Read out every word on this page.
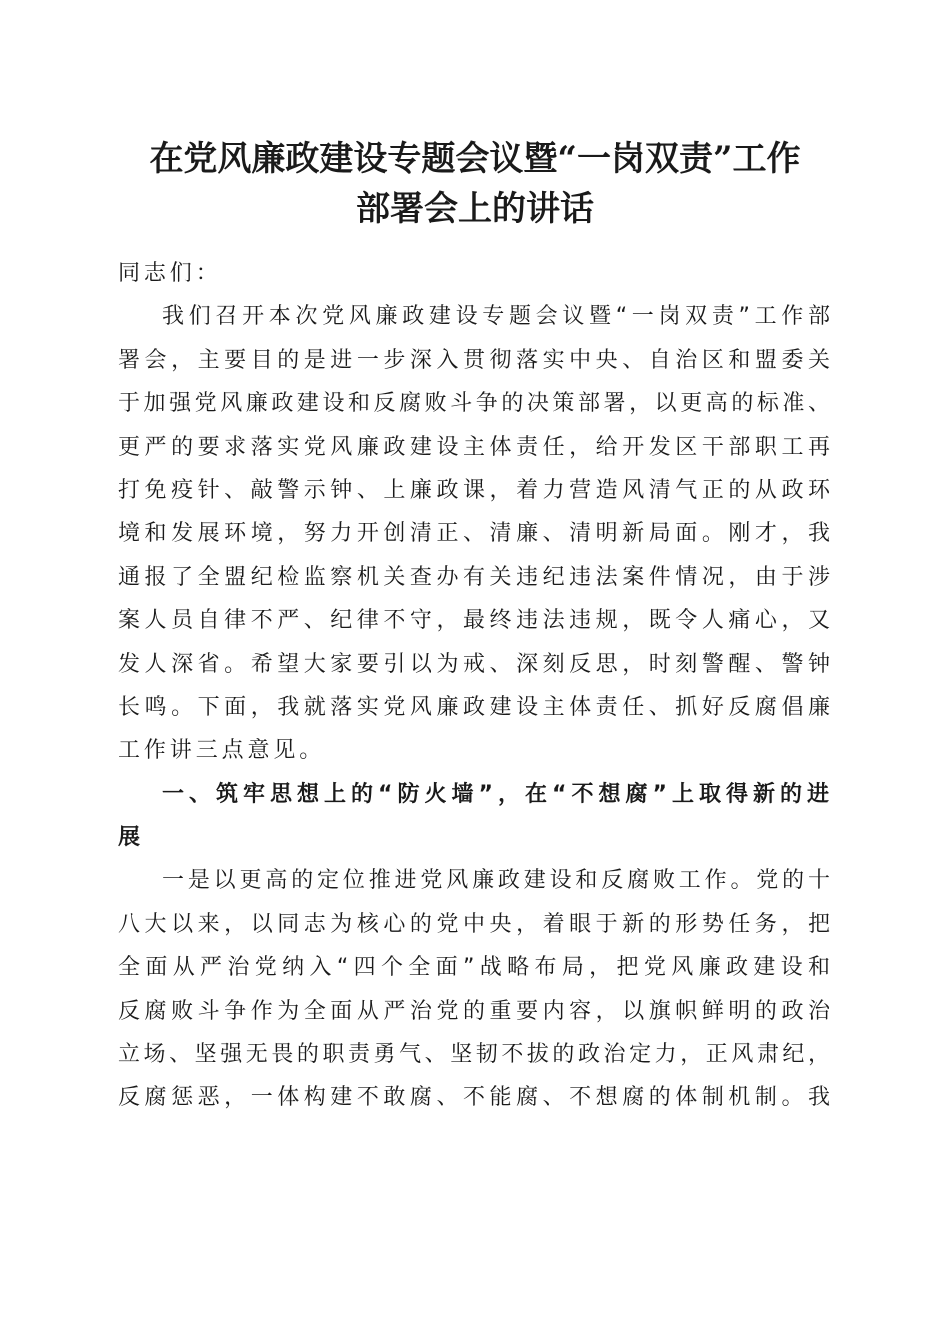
在党风廉政建设专题会议暨“一岗双责”工作
部署会上的讲话
同志们：
我们召开本次党风廉政建设专题会议暨“一岗双责”工作部
署会，主要目的是进一步深入贯彻落实中央、自治区和盟委关
于加强党风廉政建设和反腐败斗争的决策部署，以更高的标准、
更严的要求落实党风廉政建设主体责任，给开发区干部职工再
打免疫针、敲警示钟、上廉政课，着力营造风清气正的从政环
境和发展环境，努力开创清正、清廉、清明新局面。刚才，我
通报了全盟纪检监察机关查办有关违纪违法案件情况，由于涉
案人员自律不严、纪律不守，最终违法违规，既令人痛心，又
发人深省。希望大家要引以为戒、深刻反思，时刻警醒、警钟
长鸣。下面，我就落实党风廉政建设主体责任、抓好反腐倡廉
工作讲三点意见。
一、筑牢思想上的“防火墙”，在“不想腐”上取得新的进
展
一是以更高的定位推进党风廉政建设和反腐败工作。党的十
八大以来，以同志为核心的党中央，着眼于新的形势任务，把
全面从严治党纳入“四个全面”战略布局，把党风廉政建设和
反腐败斗争作为全面从严治党的重要内容，以旗帜鲜明的政治
立场、坚强无畏的职责勇气、坚韧不拔的政治定力，正风肃纪，
反腐惩恶，一体构建不敢腐、不能腐、不想腐的体制机制。我
